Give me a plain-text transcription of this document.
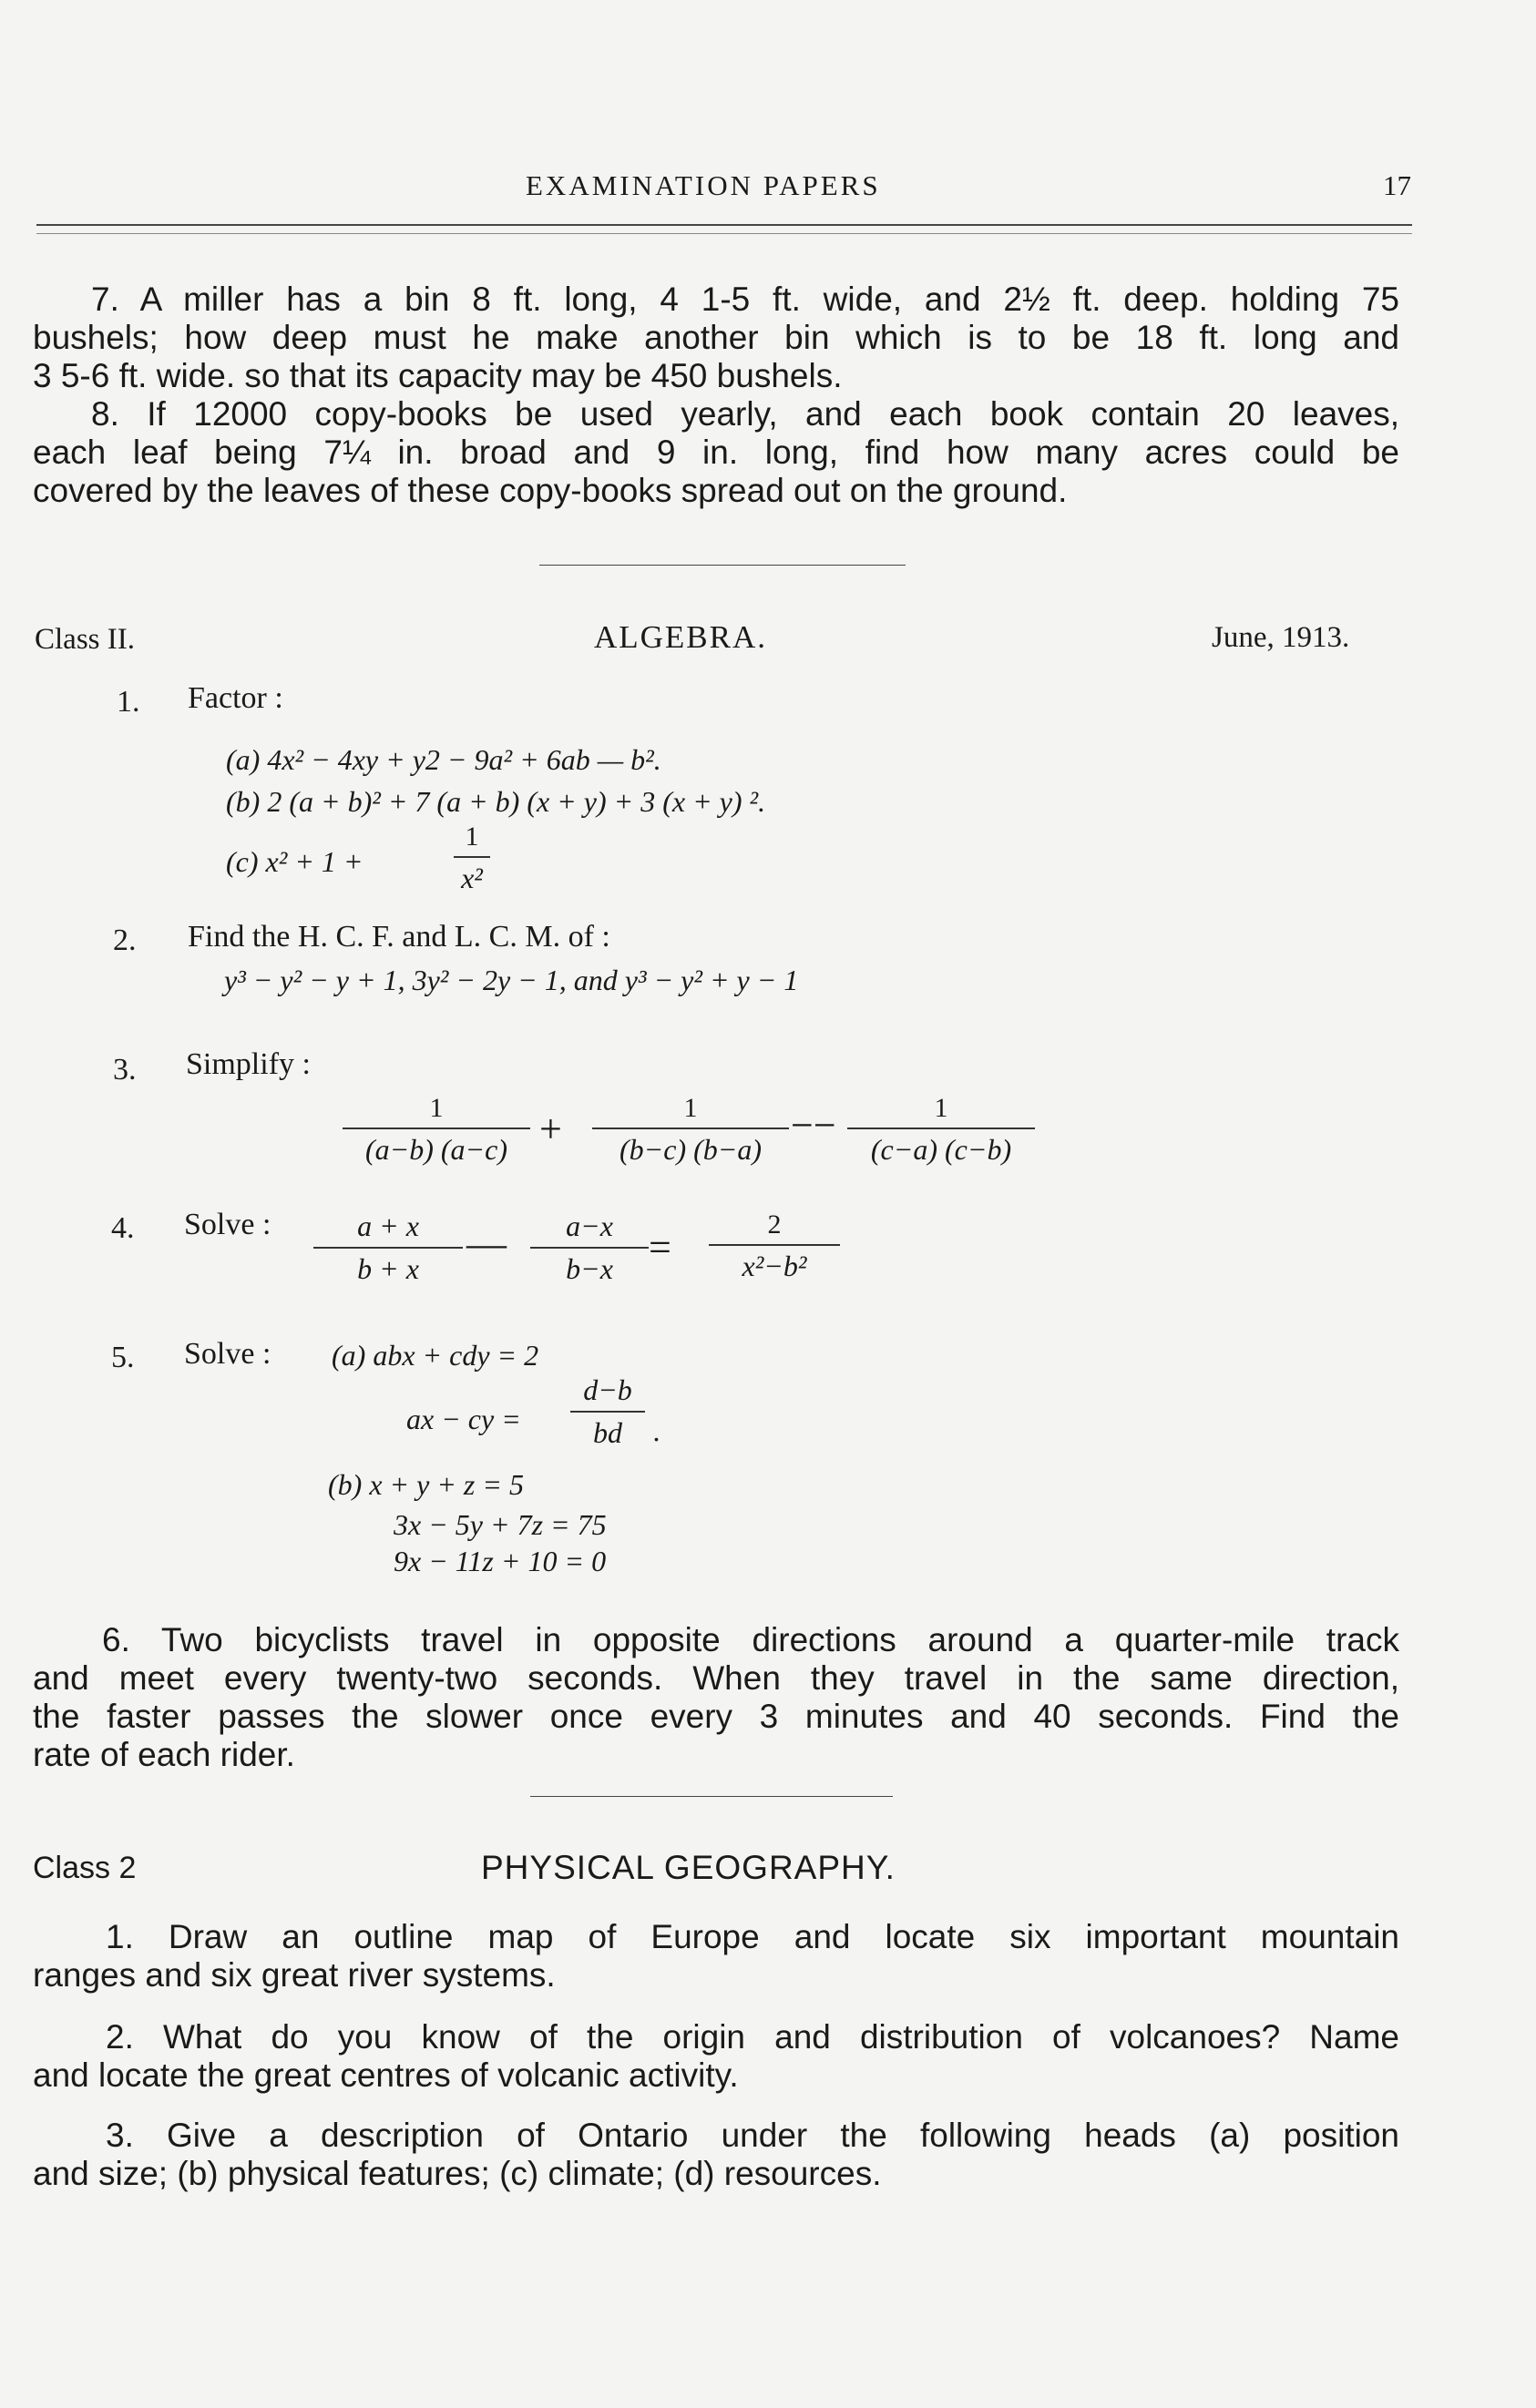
EXAMINATION PAPERS	17
7. A miller has a bin 8 ft. long, 4 1-5 ft. wide, and 2½ ft. deep. holding 75
bushels; how deep must he make another bin which is to be 18 ft. long and
3 5-6 ft. wide. so that its capacity may be 450 bushels.
8. If 12000 copy-books be used yearly, and each book contain 20 leaves,
each leaf being 7¼ in. broad and 9 in. long, find how many acres could be
covered by the leaves of these copy-books spread out on the ground.
Class II.	ALGEBRA.	June, 1913.
1. Factor :
(a) 4x² − 4xy + y2 − 9a² + 6ab — b².
(b) 2 (a + b)² + 7 (a + b) (x + y) + 3 (x + y) ².
(c) x² + 1 +
1
x²
2. Find the H. C. F. and L. C. M. of :
y³ − y² − y + 1, 3y² − 2y − 1, and y³ − y² + y − 1
3. Simplify :
1
(a−b) (a−c) +	1
(b−c) (b−a)
−−	1
(c−a) (c−b)
4. Solve :	a + x
b + x
—	a−x
b−x =
2
x²−b²
5. Solve : (a) abx + cdy = 2
ax − cy =
d−b
bd	·
(b) x + y + z = 5
3x − 5y + 7z = 75
9x − 11z + 10 = 0
6. Two bicyclists travel in opposite directions around a quarter-mile track
and meet every twenty-two seconds. When they travel in the same direction,
the faster passes the slower once every 3 minutes and 40 seconds. Find the
rate of each rider.
Class 2	PHYSICAL GEOGRAPHY.
1. Draw an outline map of Europe and locate six important mountain
ranges and six great river systems.
2. What do you know of the origin and distribution of volcanoes? Name
and locate the great centres of volcanic activity.
3. Give a description of Ontario under the following heads (a) position
and size; (b) physical features; (c) climate; (d) resources.
